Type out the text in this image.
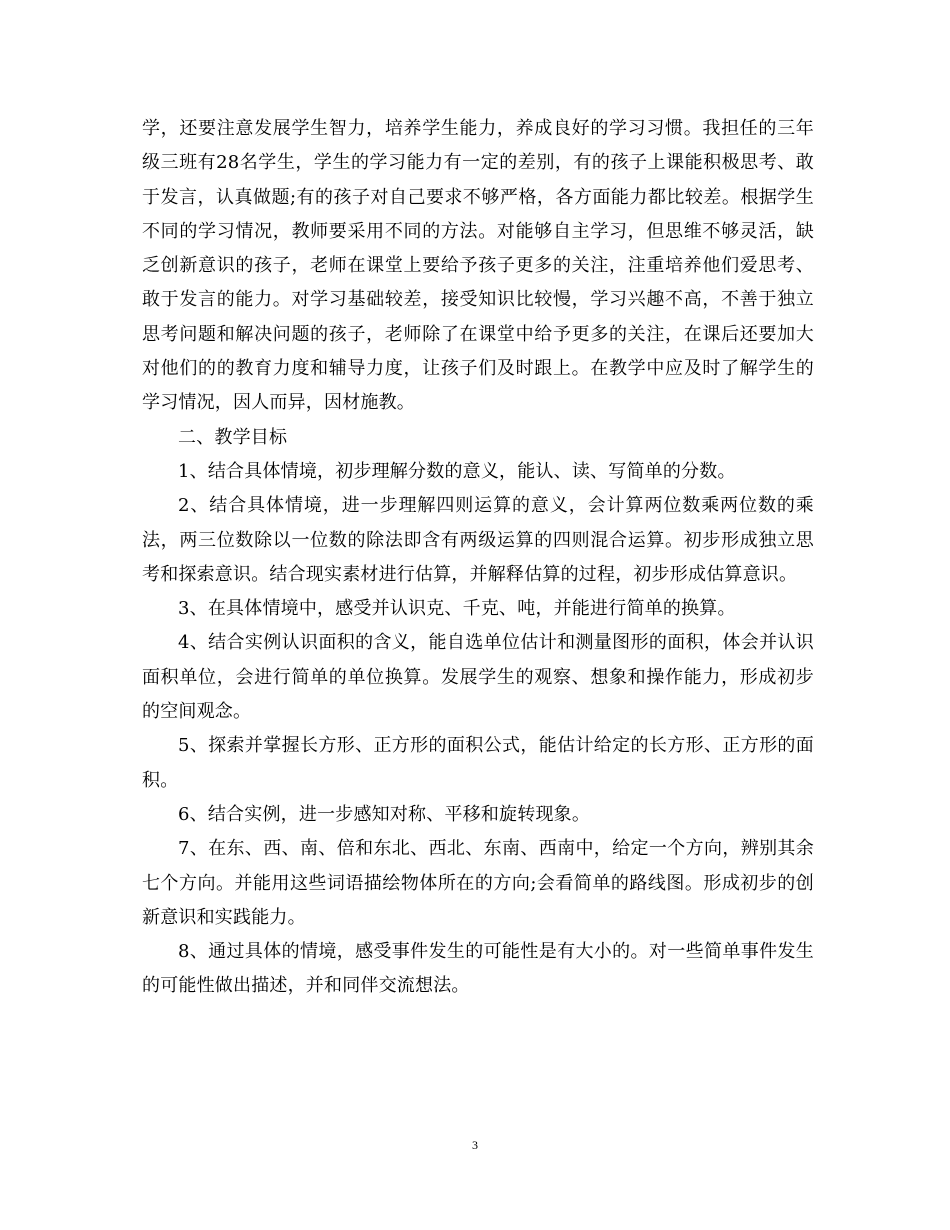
学，还要注意发展学生智力，培养学生能力，养成良好的学习习惯。我担任的三年级三班有28名学生，学生的学习能力有一定的差别，有的孩子上课能积极思考、敢于发言，认真做题;有的孩子对自己要求不够严格，各方面能力都比较差。根据学生不同的学习情况，教师要采用不同的方法。对能够自主学习，但思维不够灵活，缺乏创新意识的孩子，老师在课堂上要给予孩子更多的关注，注重培养他们爱思考、敢于发言的能力。对学习基础较差，接受知识比较慢，学习兴趣不高，不善于独立思考问题和解决问题的孩子，老师除了在课堂中给予更多的关注，在课后还要加大对他们的的教育力度和辅导力度，让孩子们及时跟上。在教学中应及时了解学生的学习情况，因人而异，因材施教。

二、教学目标

1、结合具体情境，初步理解分数的意义，能认、读、写简单的分数。

2、结合具体情境，进一步理解四则运算的意义，会计算两位数乘两位数的乘法，两三位数除以一位数的除法即含有两级运算的四则混合运算。初步形成独立思考和探索意识。结合现实素材进行估算，并解释估算的过程，初步形成估算意识。

3、在具体情境中，感受并认识克、千克、吨，并能进行简单的换算。

4、结合实例认识面积的含义，能自选单位估计和测量图形的面积，体会并认识面积单位，会进行简单的单位换算。发展学生的观察、想象和操作能力，形成初步的空间观念。

5、探索并掌握长方形、正方形的面积公式，能估计给定的长方形、正方形的面积。

6、结合实例，进一步感知对称、平移和旋转现象。

7、在东、西、南、倍和东北、西北、东南、西南中，给定一个方向，辨别其余七个方向。并能用这些词语描绘物体所在的方向;会看简单的路线图。形成初步的创新意识和实践能力。

8、通过具体的情境，感受事件发生的可能性是有大小的。对一些简单事件发生的可能性做出描述，并和同伴交流想法。

3
